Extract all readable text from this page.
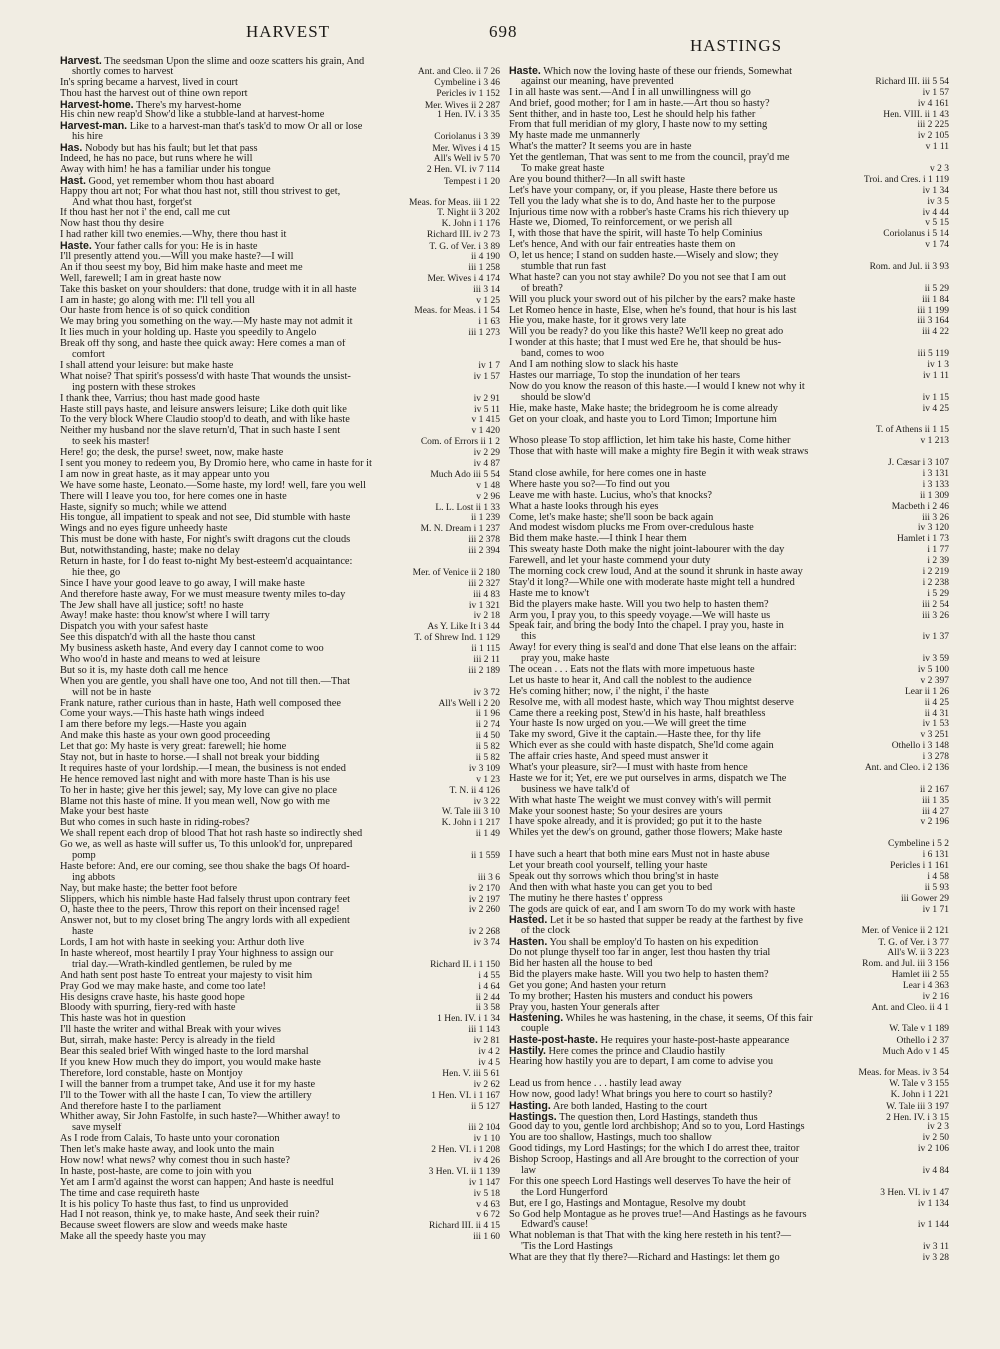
HARVEST	698
HASTINGS
Harvest. The seedsman Upon the slime and ooze scatters his grain, And
shortly comes to harvest	Ant. and Cleo. ii 7 26
In's spring became a harvest, lived in court	Cymbeline i 3 46
Thou hast the harvest out of thine own report	Pericles iv 1 152
Harvest-home. There's my harvest-home	Mer. Wives ii 2 287
His chin new reap'd Show'd like a stubble-land at harvest-home	1 Hen. IV. i 3 35
Harvest-man. Like to a harvest-man that's task'd to mow Or all or lose
his hire	Coriolanus i 3 39
Has. Nobody but has his fault; but let that pass	Mer. Wives i 4 15
Indeed, he has no pace, but runs where he will	All's Well iv 5 70
Away with him! he has a familiar under his tongue	2 Hen. VI. iv 7 114
Hast. Good, yet remember whom thou hast aboard	Tempest i 1 20
Happy thou art not; For what thou hast not, still thou strivest to get,
And what thou hast, forget'st	Meas. for Meas. iii 1 22
If thou hast her not i' the end, call me cut	T. Night ii 3 202
Now hast thou thy desire	K. John i 1 176
I had rather kill two enemies.—Why, there thou hast it	Richard III. iv 2 73
Haste. Your father calls for you: He is in haste	T. G. of Ver. i 3 89
I'll presently attend you.—Will you make haste?—I will	ii 4 190
An if thou seest my boy, Bid him make haste and meet me	iii 1 258
Well, farewell; I am in great haste now	Mer. Wives i 4 174
Take this basket on your shoulders: that done, trudge with it in all haste	iii 3 14
I am in haste; go along with me: I'll tell you all	v 1 25
Our haste from hence is of so quick condition	Meas. for Meas. i 1 54
We may bring you something on the way.—My haste may not admit it	i 1 63
It lies much in your holding up. Haste you speedily to Angelo	iii 1 273
Break off thy song, and haste thee quick away: Here comes a man of
comfort
I shall attend your leisure: but make haste	iv 1 7
What noise? That spirit's possess'd with haste That wounds the unsist-	iv 1 57
ing postern with these strokes
I thank thee, Varrius; thou hast made good haste	iv 2 91
Haste still pays haste, and leisure answers leisure; Like doth quit like	iv 5 11
To the very block Where Claudio stoop'd to death, and with like haste	v 1 415
Neither my husband nor the slave return'd, That in such haste I sent	v 1 420
to seek his master!	Com. of Errors ii 1 2
Here! go; the desk, the purse! sweet, now, make haste	iv 2 29
I sent you money to redeem you, By Dromio here, who came in haste for it	iv 4 87
I am now in great haste, as it may appear unto you	Much Ado iii 5 54
We have some haste, Leonato.—Some haste, my lord! well, fare you well	v 1 48
There will I leave you too, for here comes one in haste	v 2 96
Haste, signify so much; while we attend	L. L. Lost ii 1 33
His tongue, all impatient to speak and not see, Did stumble with haste	ii 1 239
Wings and no eyes figure unheedy haste	M. N. Dream i 1 237
This must be done with haste, For night's swift dragons cut the clouds	iii 2 378
But, notwithstanding, haste; make no delay	iii 2 394
Return in haste, for I do feast to-night My best-esteem'd acquaintance:
hie thee, go	Mer. of Venice ii 2 180
Since I have your good leave to go away, I will make haste	iii 2 327
And therefore haste away, For we must measure twenty miles to-day	iii 4 83
The Jew shall have all justice; soft! no haste	iv 1 321
Away! make haste: thou know'st where I will tarry	iv 2 18
Dispatch you with your safest haste	As Y. Like It i 3 44
See this dispatch'd with all the haste thou canst	T. of Shrew Ind. 1 129
My business asketh haste, And every day I cannot come to woo	ii 1 115
Who woo'd in haste and means to wed at leisure	iii 2 11
But so it is, my haste doth call me hence	iii 2 189
When you are gentle, you shall have one too, And not till then.—That
will not be in haste	iv 3 72
Frank nature, rather curious than in haste, Hath well composed thee	All's Well i 2 20
Come your ways.—This haste hath wings indeed	ii 1 96
I am there before my legs.—Haste you again	ii 2 74
And make this haste as your own good proceeding	ii 4 50
Let that go: My haste is very great: farewell; hie home	ii 5 82
Stay not, but in haste to horse.—I shall not break your bidding	ii 5 82
It requires haste of your lordship.—I mean, the business is not ended	iv 3 109
He hence removed last night and with more haste Than is his use	v 1 23
To her in haste; give her this jewel; say, My love can give no place	T. N. ii 4 126
Blame not this haste of mine. If you mean well, Now go with me	iv 3 22
Make your best haste	W. Tale iii 3 10
But who comes in such haste in riding-robes?	K. John i 1 217
We shall repent each drop of blood That hot rash haste so indirectly shed	ii 1 49
Go we, as well as haste will suffer us, To this unlook'd for, unprepared
pomp	ii 1 559
Haste before: And, ere our coming, see thou shake the bags Of hoard-
ing abbots	iii 3 6
Nay, but make haste; the better foot before	iv 2 170
Slippers, which his nimble haste Had falsely thrust upon contrary feet	iv 2 197
O, haste thee to the peers, Throw this report on their incensed rage!	iv 2 260
Answer not, but to my closet bring The angry lords with all expedient
haste	iv 2 268
Lords, I am hot with haste in seeking you: Arthur doth live	iv 3 74
In haste whereof, most heartily I pray Your highness to assign our
trial day.—Wrath-kindled gentlemen, be ruled by me	Richard II. i 1 150
And hath sent post haste To entreat your majesty to visit him	i 4 55
Pray God we may make haste, and come too late!	i 4 64
His designs crave haste, his haste good hope	ii 2 44
Bloody with spurring, fiery-red with haste	ii 3 58
This haste was hot in question	1 Hen. IV. i 1 34
I'll haste the writer and withal Break with your wives	iii 1 143
But, sirrah, make haste: Percy is already in the field	iv 2 81
Bear this sealed brief With winged haste to the lord marshal	iv 4 2
If you knew How much they do import, you would make haste	iv 4 5
Therefore, lord constable, haste on Montjoy	Hen. V. iii 5 61
I will the banner from a trumpet take, And use it for my haste	iv 2 62
I'll to the Tower with all the haste I can, To view the artillery	1 Hen. VI. i 1 167
And therefore haste I to the parliament	ii 5 127
Whither away, Sir John Fastolfe, in such haste?—Whither away! to
save myself	iii 2 104
As I rode from Calais, To haste unto your coronation	iv 1 10
Then let's make haste away, and look unto the main	2 Hen. VI. i 1 208
How now! what news? why comest thou in such haste?	iv 4 26
In haste, post-haste, are come to join with you	3 Hen. VI. ii 1 139
Yet am I arm'd against the worst can happen; And haste is needful	iv 1 147
The time and case requireth haste	iv 5 18
It is his policy To haste thus fast, to find us unprovided	v 4 63
Had I not reason, think ye, to make haste, And seek their ruin?	v 6 72
Because sweet flowers are slow and weeds make haste	Richard III. ii 4 15
Make all the speedy haste you may	iii 1 60
Haste. Which now the loving haste of these our friends, Somewhat
against our meaning, have prevented	Richard III. iii 5 54
I in all haste was sent.—And I in all unwillingness will go	iv 1 57
And brief, good mother; for I am in haste.—Art thou so hasty?	iv 4 161
Sent thither, and in haste too, Lest he should help his father	Hen. VIII. ii 1 43
From that full meridian of my glory, I haste now to my setting	iii 2 225
My haste made me unmannerly	iv 2 105
What's the matter? It seems you are in haste	v 1 11
Yet the gentleman, That was sent to me from the council, pray'd me
To make great haste	v 2 3
Are you bound thither?—In all swift haste	Troi. and Cres. i 1 119
Let's have your company, or, if you please, Haste there before us	iv 1 34
Tell you the lady what she is to do, And haste her to the purpose	iv 3 5
Injurious time now with a robber's haste Crams his rich thievery up	iv 4 44
Haste we, Diomed, To reinforcement, or we perish all	v 5 15
I, with those that have the spirit, will haste To help Cominius	Coriolanus i 5 14
Let's hence, And with our fair entreaties haste them on	v 1 74
O, let us hence; I stand on sudden haste.—Wisely and slow; they
stumble that run fast	Rom. and Jul. ii 3 93
What haste? can you not stay awhile? Do you not see that I am out
of breath?	ii 5 29
Will you pluck your sword out of his pilcher by the ears? make haste	iii 1 84
Let Romeo hence in haste, Else, when he's found, that hour is his last	iii 1 199
Hie you, make haste, for it grows very late	iii 3 164
Will you be ready? do you like this haste? We'll keep no great ado	iii 4 22
I wonder at this haste; that I must wed Ere he, that should be hus-
band, comes to woo	iii 5 119
And I am nothing slow to slack his haste	iv 1 3
Hastes our marriage, To stop the inundation of her tears	iv 1 11
Now do you know the reason of this haste.—I would I knew not why it
should be slow'd	iv 1 15
Hie, make haste, Make haste; the bridegroom he is come already	iv 4 25
Get on your cloak, and haste you to Lord Timon; Importune him
T. of Athens ii 1 15
Whoso please To stop affliction, let him take his haste, Come hither	v 1 213
Those that with haste will make a mighty fire Begin it with weak straws
J. Cæsar i 3 107
Stand close awhile, for here comes one in haste	i 3 131
Where haste you so?—To find out you	i 3 133
Leave me with haste. Lucius, who's that knocks?	ii 1 309
What a haste looks through his eyes	Macbeth i 2 46
Come, let's make haste; she'll soon be back again	iii 3 26
And modest wisdom plucks me From over-credulous haste	iv 3 120
Bid them make haste.—I think I hear them	Hamlet i 1 73
This sweaty haste Doth make the night joint-labourer with the day	i 1 77
Farewell, and let your haste commend your duty	i 2 39
The morning cock crew loud, And at the sound it shrunk in haste away	i 2 219
Stay'd it long?—While one with moderate haste might tell a hundred	i 2 238
Haste me to know't	i 5 29
Bid the players make haste. Will you two help to hasten them?	iii 2 54
Arm you, I pray you, to this speedy voyage.—We will haste us	iii 3 26
Speak fair, and bring the body Into the chapel. I pray you, haste in
this	iv 1 37
Away! for every thing is seal'd and done That else leans on the affair:
pray you, make haste	iv 3 59
The ocean . . . Eats not the flats with more impetuous haste	iv 5 100
Let us haste to hear it, And call the noblest to the audience	v 2 397
He's coming hither; now, i' the night, i' the haste	Lear ii 1 26
Resolve me, with all modest haste, which way Thou mightst deserve	ii 4 25
Came there a reeking post, Stew'd in his haste, half breathless	ii 4 31
Your haste Is now urged on you.—We will greet the time	iv 1 53
Take my sword, Give it the captain.—Haste thee, for thy life	v 3 251
Which ever as she could with haste dispatch, She'ld come again	Othello i 3 148
The affair cries haste, And speed must answer it	i 3 278
What's your pleasure, sir?—I must with haste from hence	Ant. and Cleo. i 2 136
Haste we for it; Yet, ere we put ourselves in arms, dispatch we The
business we have talk'd of	ii 2 167
With what haste The weight we must convey with's will permit	iii 1 35
Make your soonest haste; So your desires are yours	iii 4 27
I have spoke already, and it is provided; go put it to the haste	v 2 196
Whiles yet the dew's on ground, gather those flowers; Make haste
Cymbeline i 5 2
I have such a heart that both mine ears Must not in haste abuse	i 6 131
Let your breath cool yourself, telling your haste	Pericles i 1 161
Speak out thy sorrows which thou bring'st in haste	i 4 58
And then with what haste you can get you to bed	ii 5 93
The mutiny he there hastes t' oppress	iii Gower 29
The gods are quick of ear, and I am sworn To do my work with haste	iv 1 71
Hasted. Let it be so hasted that supper be ready at the farthest by five
of the clock	Mer. of Venice ii 2 121
Hasten. You shall be employ'd To hasten on his expedition	T. G. of Ver. i 3 77
Do not plunge thyself too far in anger, lest thou hasten thy trial	All's W. ii 3 223
Bid her hasten all the house to bed	Rom. and Jul. iii 3 156
Bid the players make haste. Will you two help to hasten them?	Hamlet iii 2 55
Get you gone; And hasten your return	Lear i 4 363
To my brother; Hasten his musters and conduct his powers	iv 2 16
Pray you, hasten Your generals after	Ant. and Cleo. ii 4 1
Hastening. Whiles he was hastening, in the chase, it seems, Of this fair
couple	W. Tale v 1 189
Haste-post-haste. He requires your haste-post-haste appearance	Othello i 2 37
Hastily. Here comes the prince and Claudio hastily	Much Ado v 1 45
Hearing how hastily you are to depart, I am come to advise you
Meas. for Meas. iv 3 54
Lead us from hence . . . hastily lead away	W. Tale v 3 155
How now, good lady! What brings you here to court so hastily?	K. John i 1 221
Hasting. Are both landed, Hasting to the court	W. Tale iii 3 197
Hastings. The question then, Lord Hastings, standeth thus	2 Hen. IV. i 3 15
Good day to you, gentle lord archbishop; And so to you, Lord Hastings	iv 2 3
You are too shallow, Hastings, much too shallow	iv 2 50
Good tidings, my Lord Hastings; for the which I do arrest thee, traitor	iv 2 106
Bishop Scroop, Hastings and all Are brought to the correction of your
law	iv 4 84
For this one speech Lord Hastings well deserves To have the heir of
the Lord Hungerford	3 Hen. VI. iv 1 47
But, ere I go, Hastings and Montague, Resolve my doubt	iv 1 134
So God help Montague as he proves true!—And Hastings as he favours
Edward's cause!	iv 1 144
What nobleman is that That with the king here resteth in his tent?—
'Tis the Lord Hastings	iv 3 11
What are they that fly there?—Richard and Hastings: let them go	iv 3 28
